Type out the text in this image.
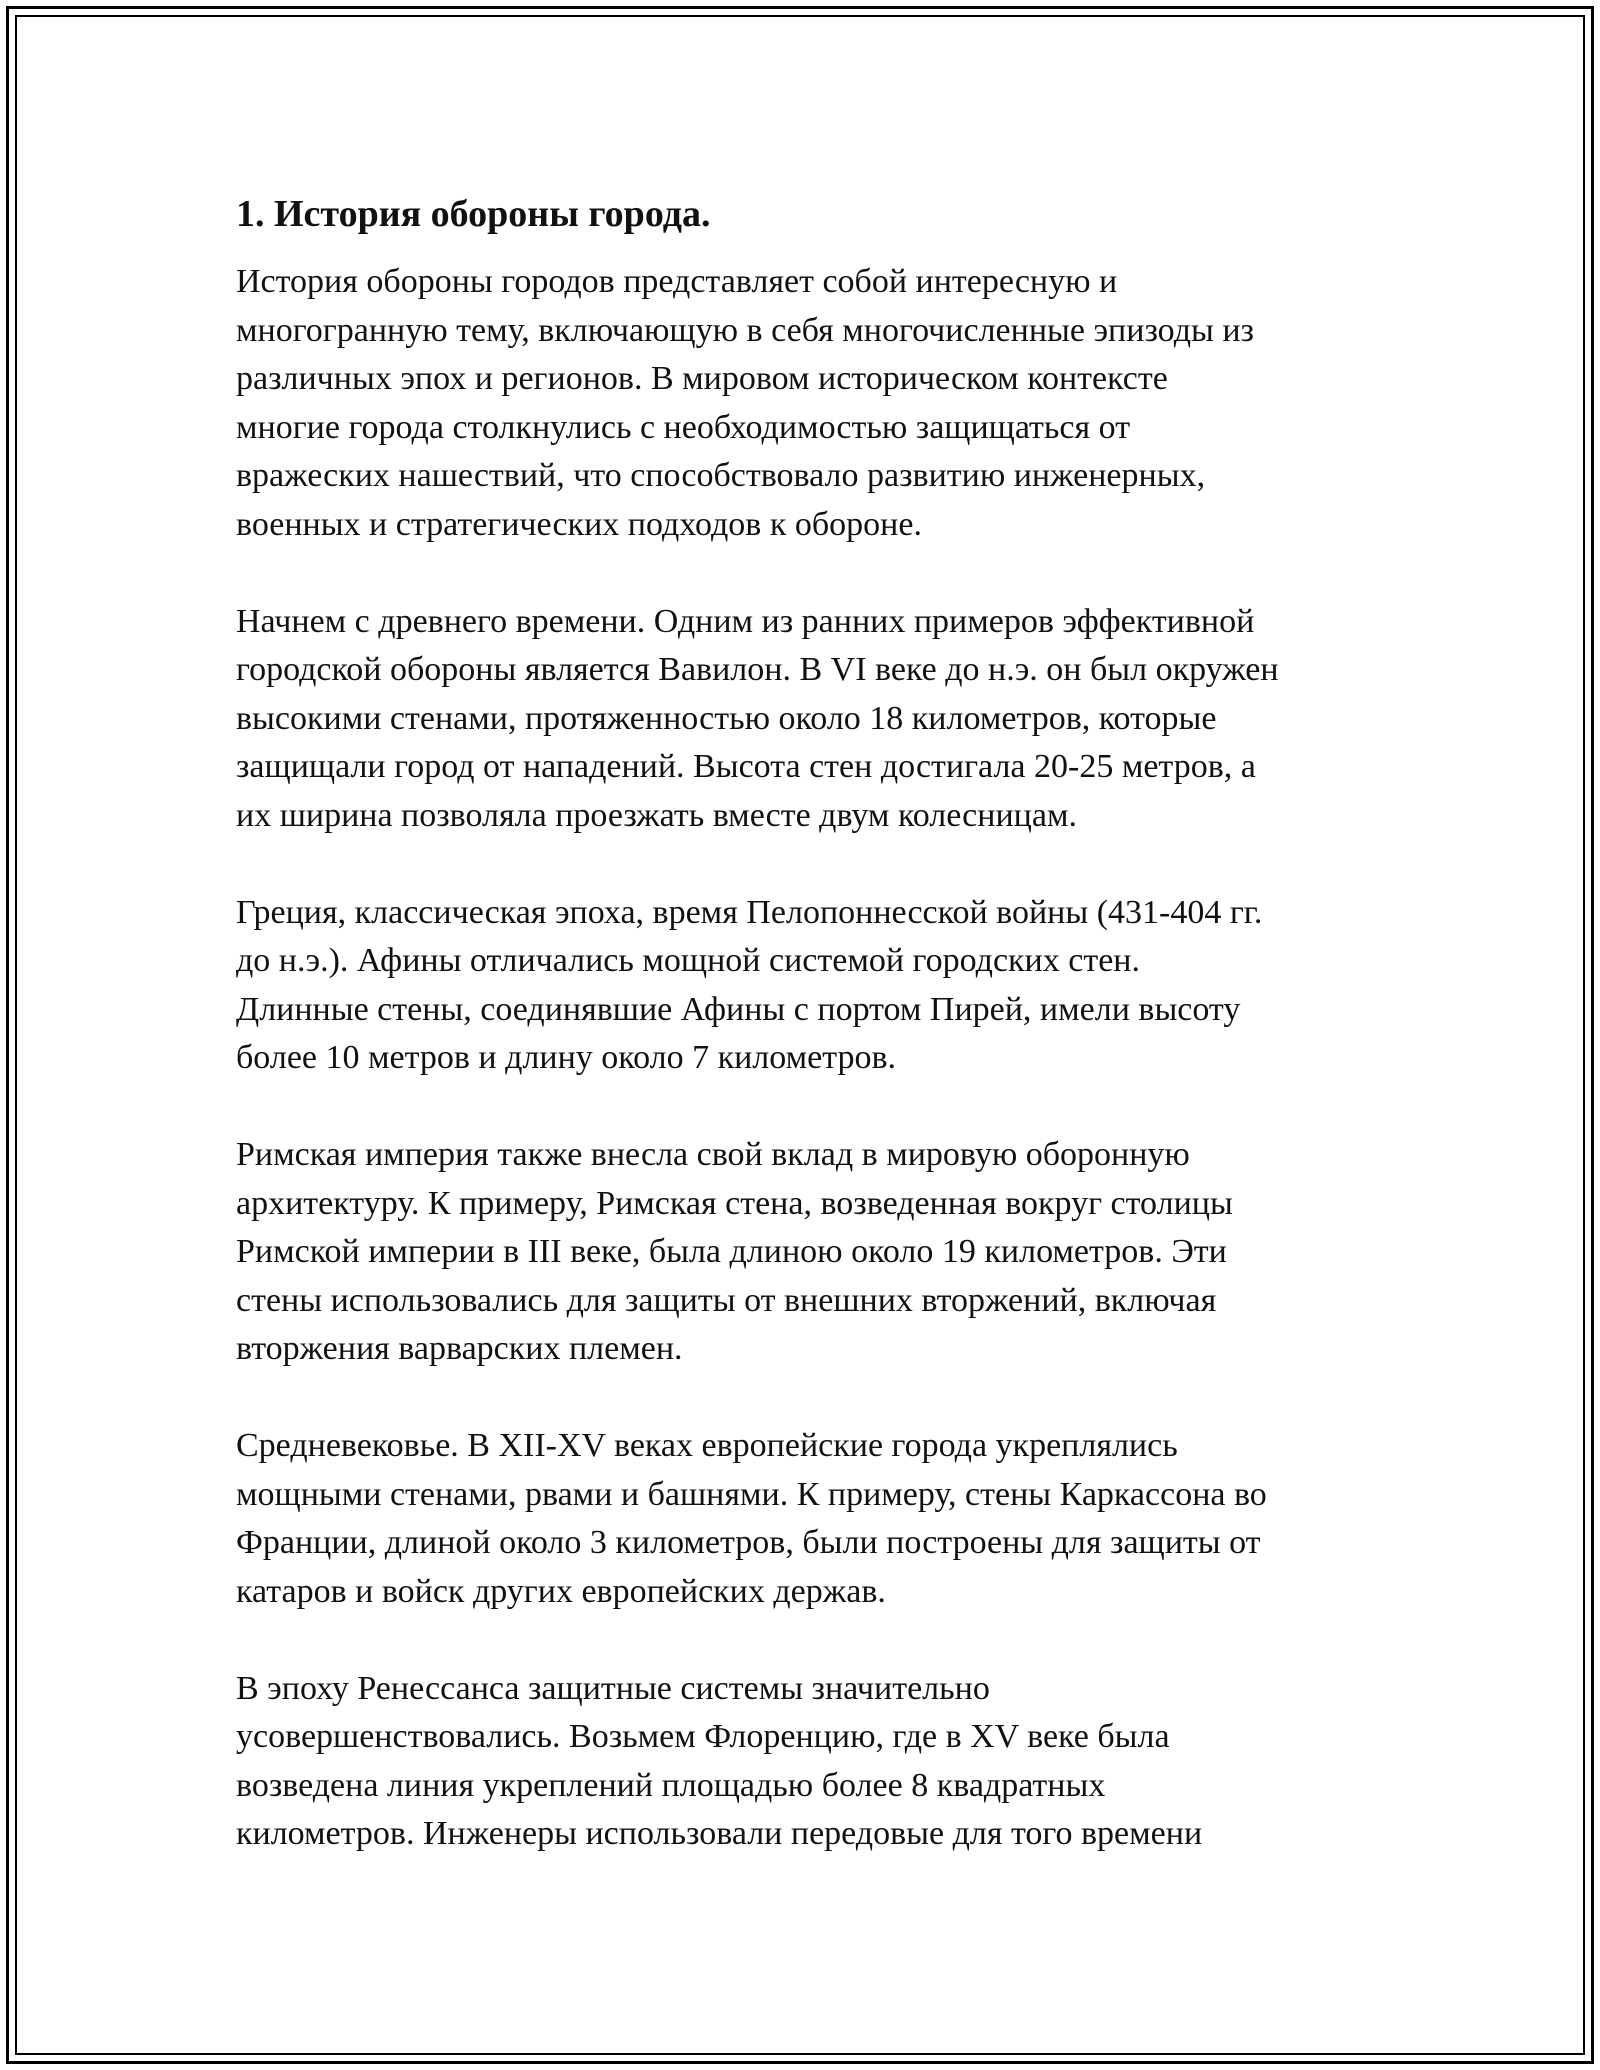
1. История обороны города.

История обороны городов представляет собой интересную и
многогранную тему, включающую в себя многочисленные эпизоды из
различных эпох и регионов. В мировом историческом контексте
многие города столкнулись с необходимостью защищаться от
вражеских нашествий, что способствовало развитию инженерных,
военных и стратегических подходов к обороне.

Начнем с древнего времени. Одним из ранних примеров эффективной
городской обороны является Вавилон. В VI веке до н.э. он был окружен
высокими стенами, протяженностью около 18 километров, которые
защищали город от нападений. Высота стен достигала 20-25 метров, а
их ширина позволяла проезжать вместе двум колесницам.

Греция, классическая эпоха, время Пелопоннесской войны (431-404 гг.
до н.э.). Афины отличались мощной системой городских стен.
Длинные стены, соединявшие Афины с портом Пирей, имели высоту
более 10 метров и длину около 7 километров.

Римская империя также внесла свой вклад в мировую оборонную
архитектуру. К примеру, Римская стена, возведенная вокруг столицы
Римской империи в III веке, была длиною около 19 километров. Эти
стены использовались для защиты от внешних вторжений, включая
вторжения варварских племен.

Средневековье. В XII-XV веках европейские города укреплялись
мощными стенами, рвами и башнями. К примеру, стены Каркассона во
Франции, длиной около 3 километров, были построены для защиты от
катаров и войск других европейских держав.

В эпоху Ренессанса защитные системы значительно
усовершенствовались. Возьмем Флоренцию, где в XV веке была
возведена линия укреплений площадью более 8 квадратных
километров. Инженеры использовали передовые для того времени
